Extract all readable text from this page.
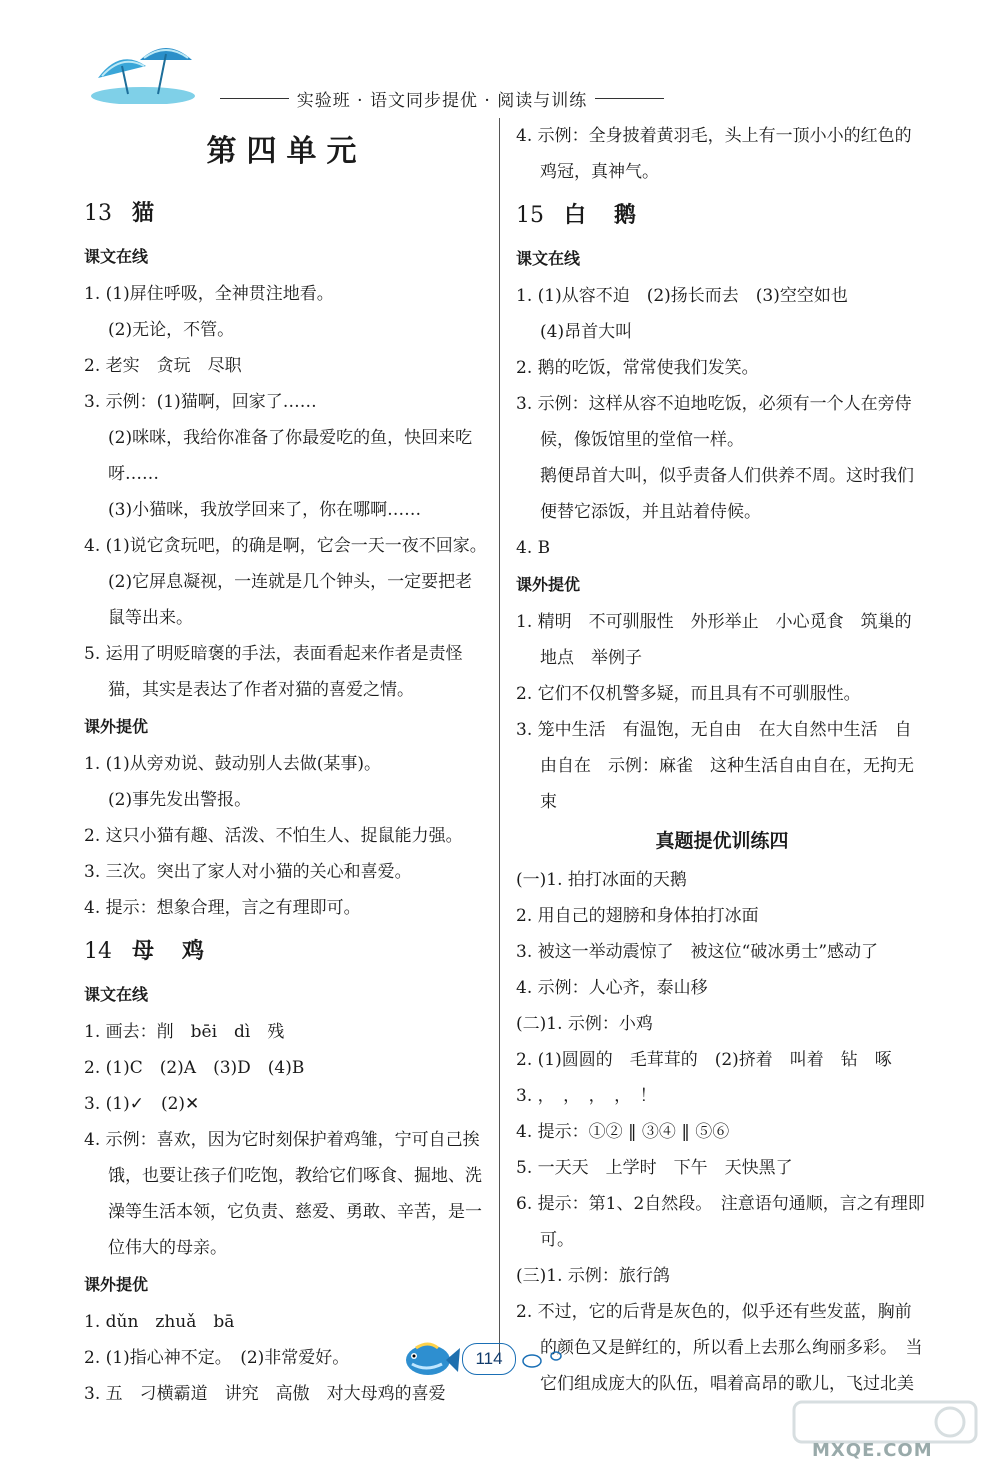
实验班 · 语文同步提优 · 阅读与训练
第四单元
13 猫
课文在线
1. (1)屏住呼吸，全神贯注地看。
(2)无论，不管。
2. 老实　贪玩　尽职
3. 示例：(1)猫啊，回家了……
(2)咪咪，我给你准备了你最爱吃的鱼，快回来吃呀……
(3)小猫咪，我放学回来了，你在哪啊……
4. (1)说它贪玩吧，的确是啊，它会一天一夜不回家。
(2)它屏息凝视，一连就是几个钟头，一定要把老鼠等出来。
5. 运用了明贬暗褒的手法，表面看起来作者是责怪猫，其实是表达了作者对猫的喜爱之情。
课外提优
1. (1)从旁劝说、鼓动别人去做(某事)。
(2)事先发出警报。
2. 这只小猫有趣、活泼、不怕生人、捉鼠能力强。
3. 三次。突出了家人对小猫的关心和喜爱。
4. 提示：想象合理，言之有理即可。
14 母鸡
课文在线
1. 画去：削　bēi　dì　残
2. (1)C　(2)A　(3)D　(4)B
3. (1)✓　(2)✕
4. 示例：喜欢，因为它时刻保护着鸡雏，宁可自己挨饿，也要让孩子们吃饱，教给它们啄食、掘地、洗澡等生活本领，它负责、慈爱、勇敢、辛苦，是一位伟大的母亲。
课外提优
1. dǔn　zhuǎ　bā
2. (1)指心神不定。　(2)非常爱好。
3. 五　刁横霸道　讲究　高傲　对大母鸡的喜爱
4. 示例：全身披着黄羽毛，头上有一顶小小的红色的鸡冠，真神气。
15 白鹅
课文在线
1. (1)从容不迫　(2)扬长而去　(3)空空如也
(4)昂首大叫
2. 鹅的吃饭，常常使我们发笑。
3. 示例：这样从容不迫地吃饭，必须有一个人在旁侍候，像饭馆里的堂倌一样。
鹅便昂首大叫，似乎责备人们供养不周。这时我们便替它添饭，并且站着侍候。
4. B
课外提优
1. 精明　不可驯服性　外形举止　小心觅食　筑巢的地点　举例子
2. 它们不仅机警多疑，而且具有不可驯服性。
3. 笼中生活　有温饱，无自由　在大自然中生活　自由自在　示例：麻雀　这种生活自由自在，无拘无束
真题提优训练四
(一)1. 拍打冰面的天鹅
2. 用自己的翅膀和身体拍打冰面
3. 被这一举动震惊了　被这位“破冰勇士”感动了
4. 示例：人心齐，泰山移
(二)1. 示例：小鸡
2. (1)圆圆的　毛茸茸的　(2)挤着　叫着　钻　啄
3. ，　，　，　，　！
4. 提示：①② ‖ ③④ ‖ ⑤⑥
5. 一天天　上学时　下午　天快黑了
6. 提示：第1、2自然段。　注意语句通顺，言之有理即可。
(三)1. 示例：旅行鸽
2. 不过，它的后背是灰色的，似乎还有些发蓝，胸前的颜色又是鲜红的，所以看上去那么绚丽多彩。　当它们组成庞大的队伍，唱着高昂的歌儿，飞过北美
114
MXQE.COM
